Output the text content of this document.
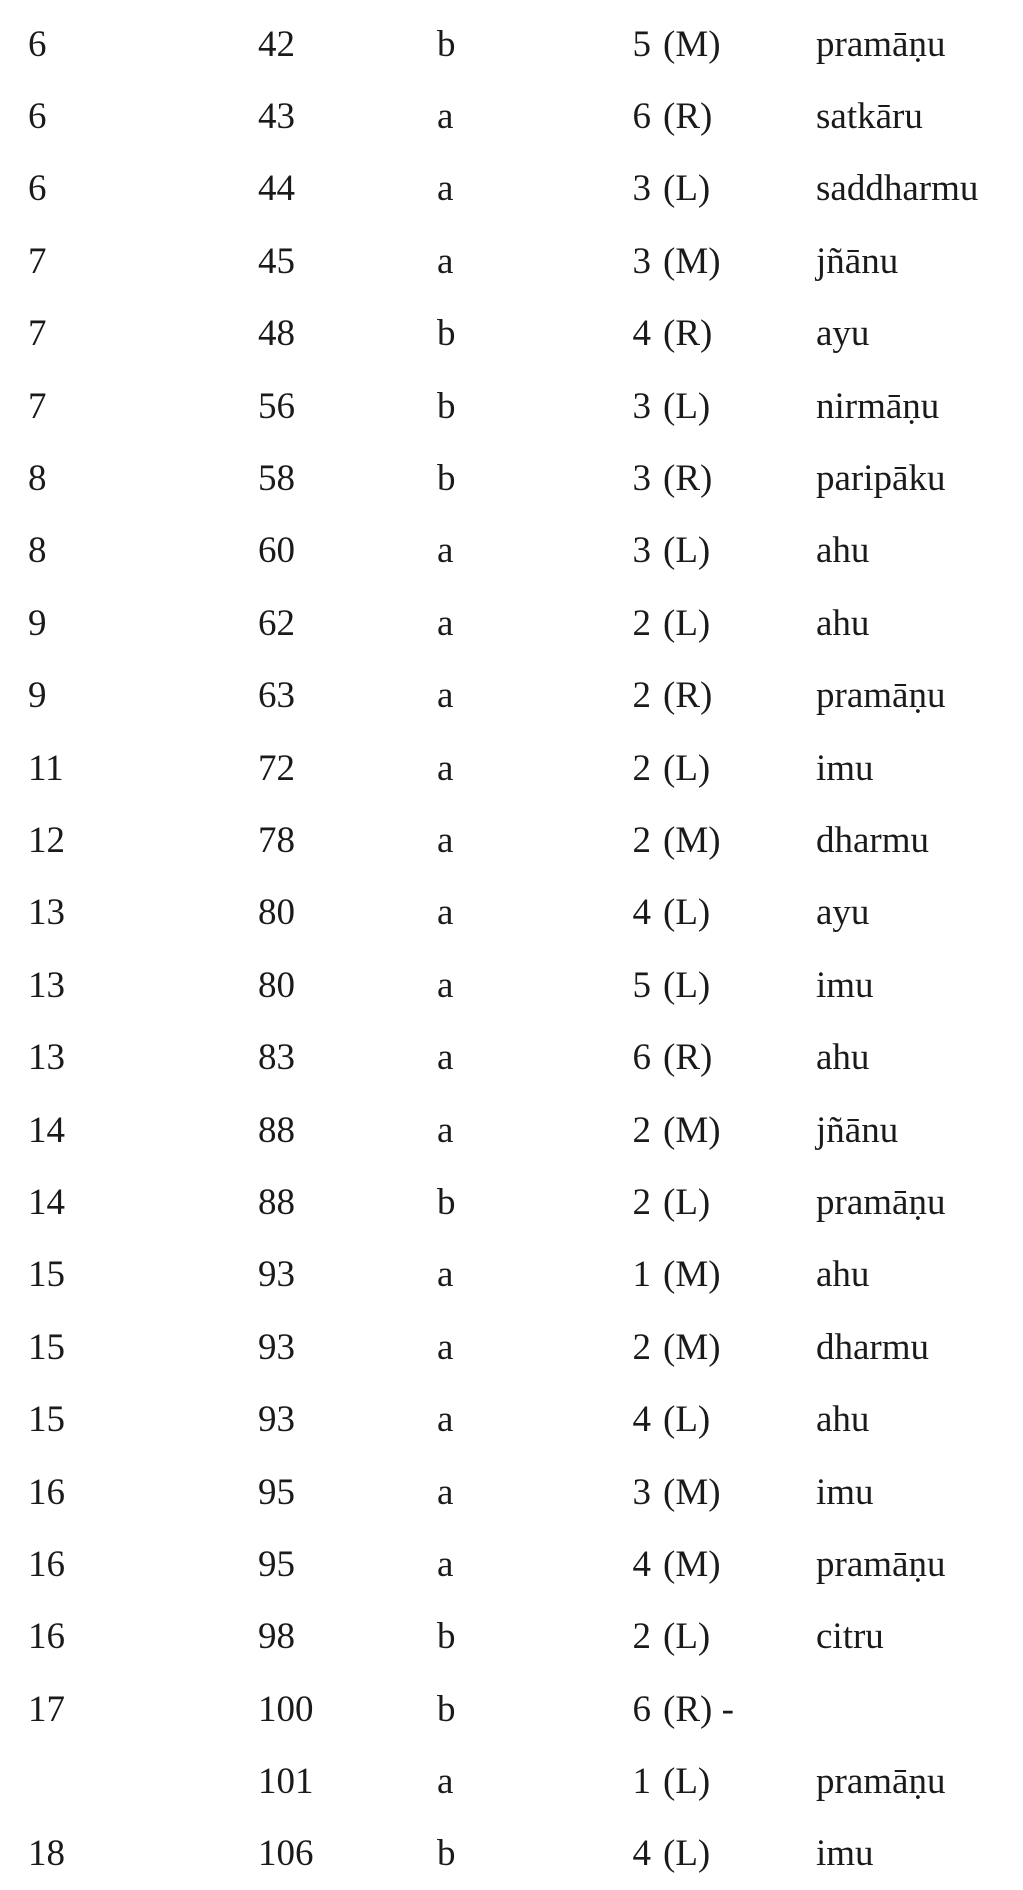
6	42	b	5 (M)	pramāṇu
6	43	a	6 (R)	satkāru
6	44	a	3 (L)	saddharmu
7	45	a	3 (M)	jñānu
7	48	b	4 (R)	ayu
7	56	b	3 (L)	nirmāṇu
8	58	b	3 (R)	paripāku
8	60	a	3 (L)	ahu
9	62	a	2 (L)	ahu
9	63	a	2 (R)	pramāṇu
11	72	a	2 (L)	imu
12	78	a	2 (M)	dharmu
13	80	a	4 (L)	ayu
13	80	a	5 (L)	imu
13	83	a	6 (R)	ahu
14	88	a	2 (M)	jñānu
14	88	b	2 (L)	pramāṇu
15	93	a	1 (M)	ahu
15	93	a	2 (M)	dharmu
15	93	a	4 (L)	ahu
16	95	a	3 (M)	imu
16	95	a	4 (M)	pramāṇu
16	98	b	2 (L)	citru
17	100	b	6 (R) -	
	101	a	1 (L)	pramāṇu
18	106	b	4 (L)	imu
